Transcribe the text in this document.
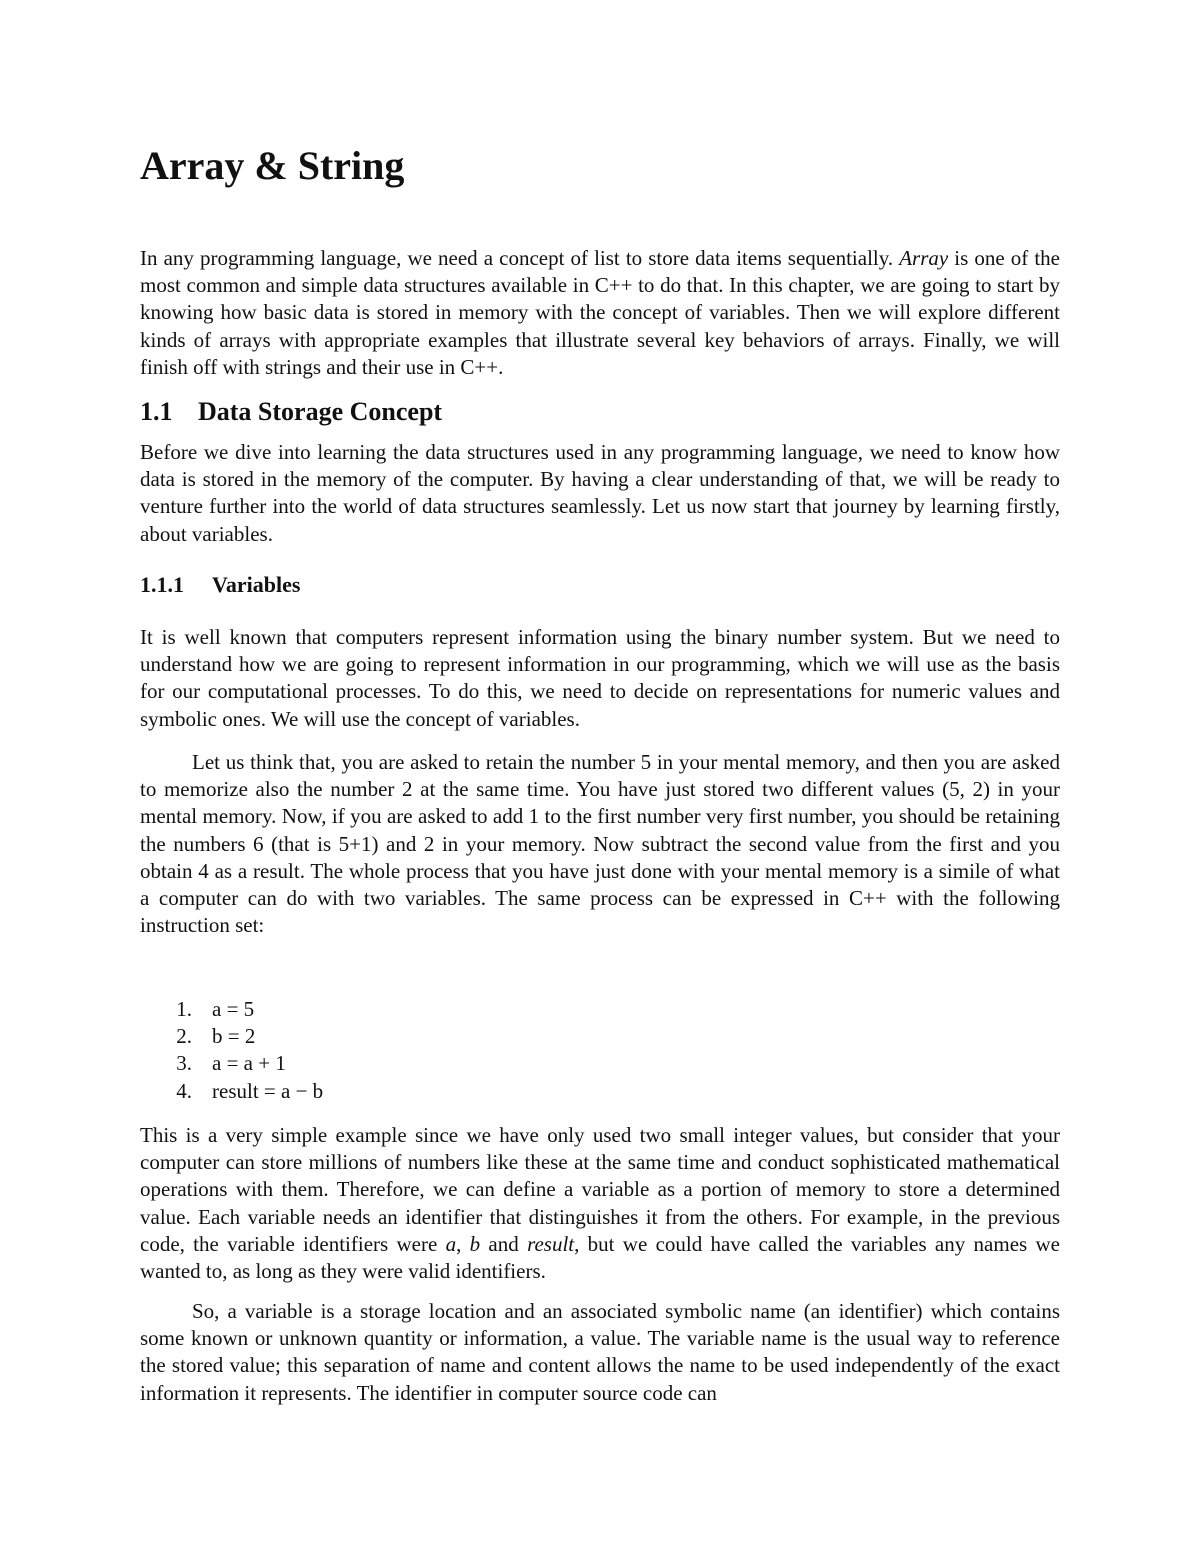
Array & String

In any programming language, we need a concept of list to store data items sequentially. Array is one of the most common and simple data structures available in C++ to do that. In this chapter, we are going to start by knowing how basic data is stored in memory with the concept of variables. Then we will explore different kinds of arrays with appropriate examples that illustrate several key behaviors of arrays. Finally, we will finish off with strings and their use in C++.

1.1 Data Storage Concept

Before we dive into learning the data structures used in any programming language, we need to know how data is stored in the memory of the computer. By having a clear understanding of that, we will be ready to venture further into the world of data structures seamlessly. Let us now start that journey by learning firstly, about variables.

1.1.1 Variables

It is well known that computers represent information using the binary number system. But we need to understand how we are going to represent information in our programming, which we will use as the basis for our computational processes. To do this, we need to decide on representations for numeric values and symbolic ones. We will use the concept of variables.

Let us think that, you are asked to retain the number 5 in your mental memory, and then you are asked to memorize also the number 2 at the same time. You have just stored two different values (5, 2) in your mental memory. Now, if you are asked to add 1 to the first number very first number, you should be retaining the numbers 6 (that is 5+1) and 2 in your memory. Now subtract the second value from the first and you obtain 4 as a result. The whole process that you have just done with your mental memory is a simile of what a computer can do with two variables. The same process can be expressed in C++ with the following instruction set:

1. a = 5
2. b = 2
3. a = a + 1
4. result = a − b

This is a very simple example since we have only used two small integer values, but consider that your computer can store millions of numbers like these at the same time and conduct sophisticated mathematical operations with them. Therefore, we can define a variable as a portion of memory to store a determined value. Each variable needs an identifier that distinguishes it from the others. For example, in the previous code, the variable identifiers were a, b and result, but we could have called the variables any names we wanted to, as long as they were valid identifiers.

So, a variable is a storage location and an associated symbolic name (an identifier) which contains some known or unknown quantity or information, a value. The variable name is the usual way to reference the stored value; this separation of name and content allows the name to be used independently of the exact information it represents. The identifier in computer source code can
